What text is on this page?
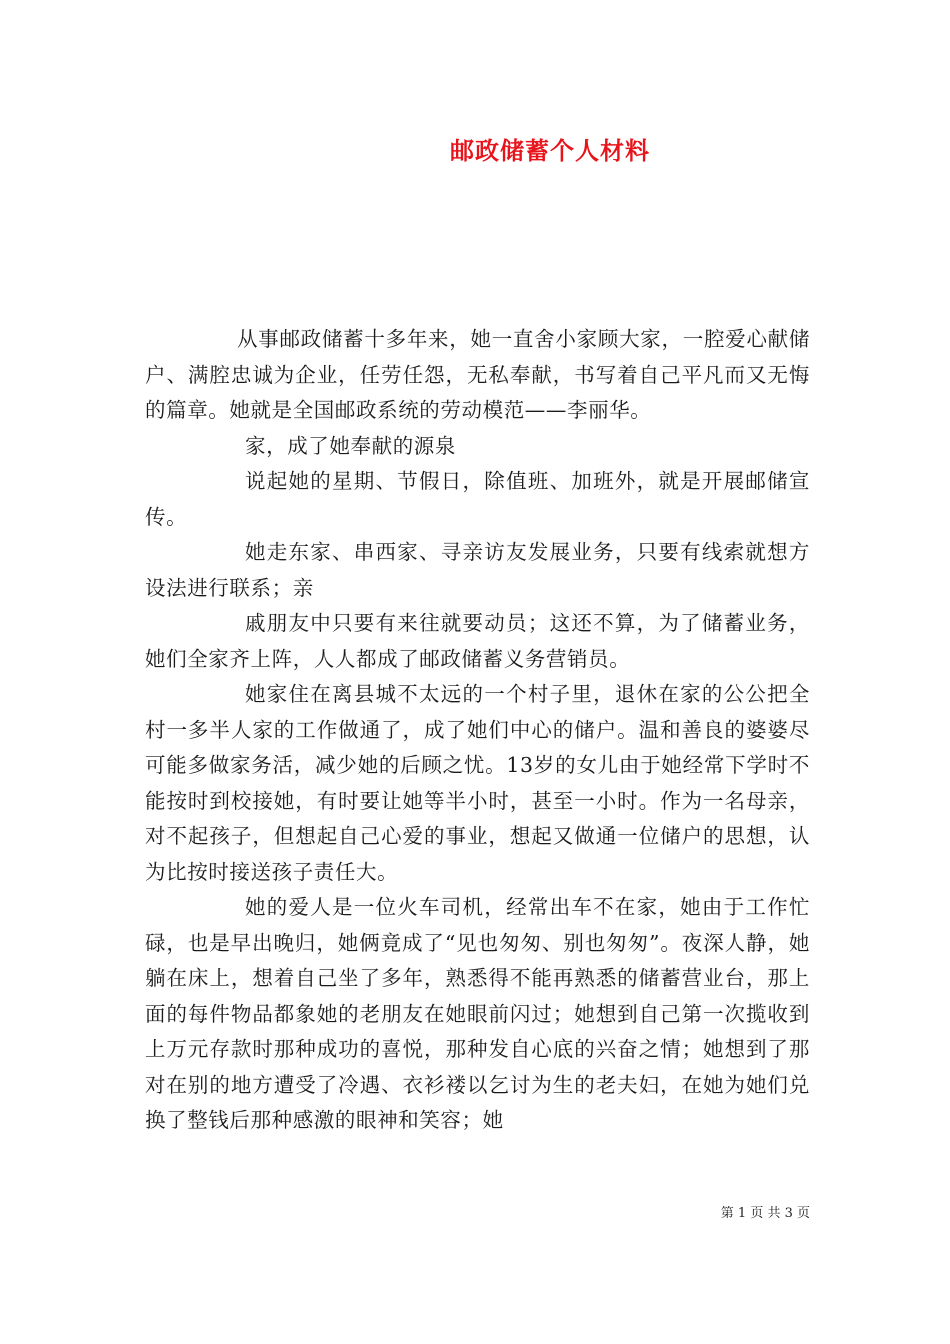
邮政储蓄个人材料

从事邮政储蓄十多年来，她一直舍小家顾大家，一腔爱心献储户、满腔忠诚为企业，任劳任怨，无私奉献，书写着自己平凡而又无悔的篇章。她就是全国邮政系统的劳动模范——李丽华。

家，成了她奉献的源泉

说起她的星期、节假日，除值班、加班外，就是开展邮储宣传。

她走东家、串西家、寻亲访友发展业务，只要有线索就想方设法进行联系；亲

戚朋友中只要有来往就要动员；这还不算，为了储蓄业务，她们全家齐上阵，人人都成了邮政储蓄义务营销员。

她家住在离县城不太远的一个村子里，退休在家的公公把全村一多半人家的工作做通了，成了她们中心的储户。温和善良的婆婆尽可能多做家务活，减少她的后顾之忧。13岁的女儿由于她经常下学时不能按时到校接她，有时要让她等半小时，甚至一小时。作为一名母亲，对不起孩子，但想起自己心爱的事业，想起又做通一位储户的思想，认为比按时接送孩子责任大。

她的爱人是一位火车司机，经常出车不在家，她由于工作忙碌，也是早出晚归，她俩竟成了“见也匆匆、别也匆匆”。夜深人静，她躺在床上，想着自己坐了多年，熟悉得不能再熟悉的储蓄营业台，那上面的每件物品都象她的老朋友在她眼前闪过；她想到自己第一次揽收到上万元存款时那种成功的喜悦，那种发自心底的兴奋之情；她想到了那对在别的地方遭受了冷遇、衣衫褛以乞讨为生的老夫妇，在她为她们兑换了整钱后那种感激的眼神和笑容；她

第 1 页 共 3 页
